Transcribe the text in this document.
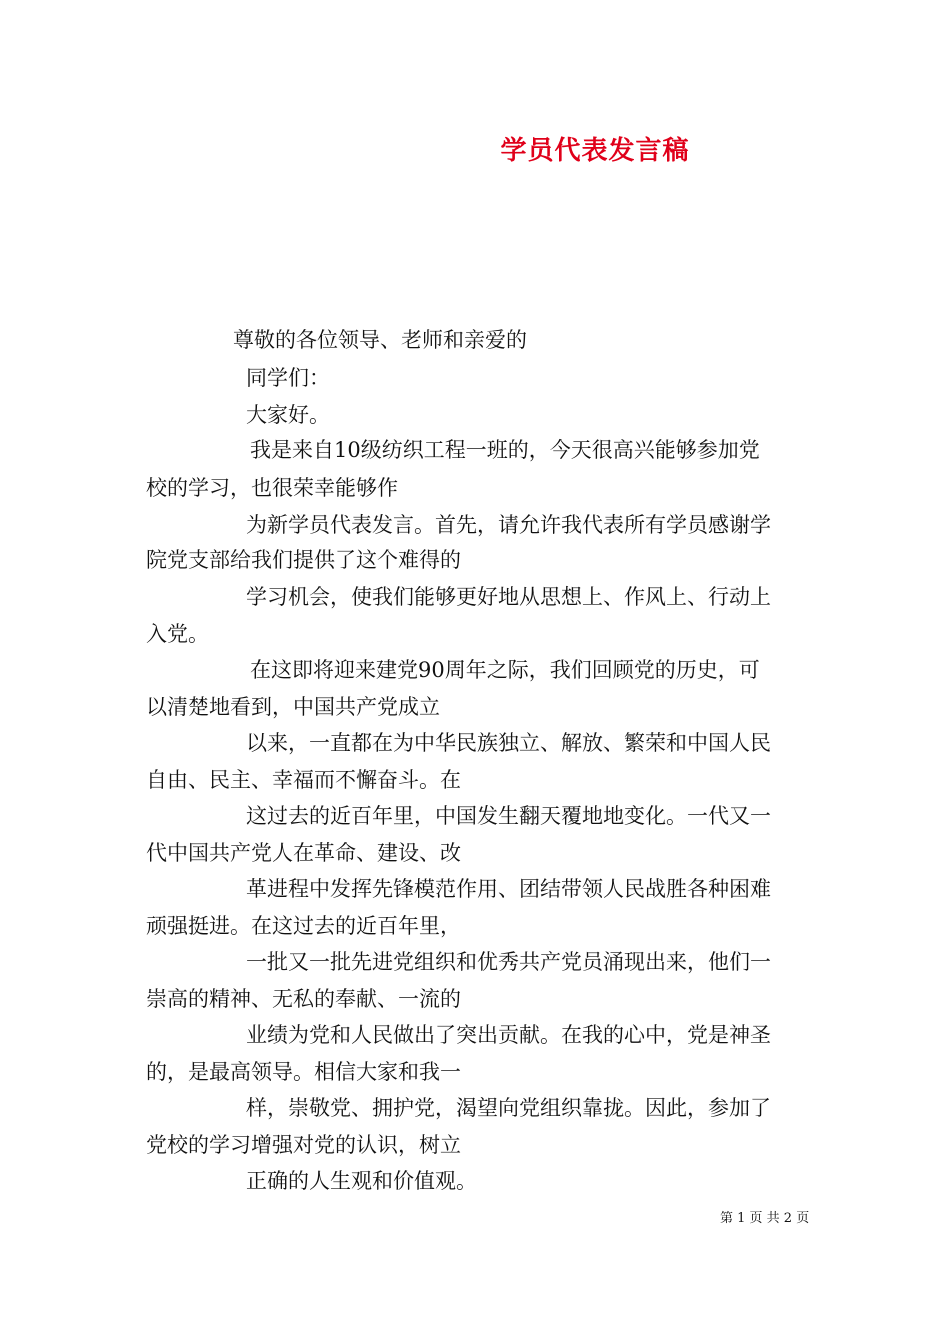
学员代表发言稿
尊敬的各位领导、老师和亲爱的
同学们：
大家好。
我是来自10级纺织工程一班的，今天很高兴能够参加党
校的学习，也很荣幸能够作
为新学员代表发言。首先，请允许我代表所有学员感谢学
院党支部给我们提供了这个难得的
学习机会，使我们能够更好地从思想上、作风上、行动上
入党。
在这即将迎来建党90周年之际，我们回顾党的历史，可
以清楚地看到，中国共产党成立
以来，一直都在为中华民族独立、解放、繁荣和中国人民
自由、民主、幸福而不懈奋斗。在
这过去的近百年里，中国发生翻天覆地地变化。一代又一
代中国共产党人在革命、建设、改
革进程中发挥先锋模范作用、团结带领人民战胜各种困难
顽强挺进。在这过去的近百年里，
一批又一批先进党组织和优秀共产党员涌现出来，他们一
崇高的精神、无私的奉献、一流的
业绩为党和人民做出了突出贡献。在我的心中，党是神圣
的，是最高领导。相信大家和我一
样，崇敬党、拥护党，渴望向党组织靠拢。因此，参加了
党校的学习增强对党的认识，树立
正确的人生观和价值观。
第 1 页 共 2 页
